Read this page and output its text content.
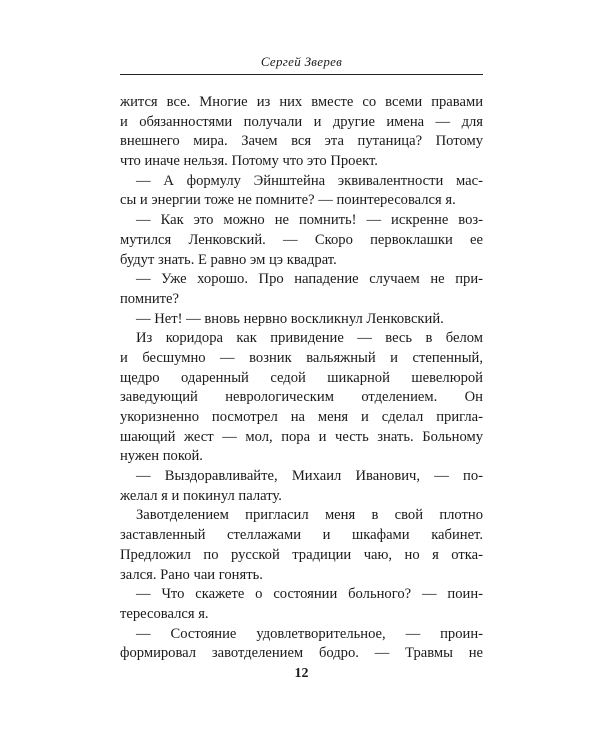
Сергей Зверев
жится все. Многие из них вместе со всеми правами
и обязанностями получали и другие имена — для
внешнего мира. Зачем вся эта путаница? Потому
что иначе нельзя. Потому что это Проект.
— А формулу Эйнштейна эквивалентности мас-
сы и энергии тоже не помните? — поинтересовался я.
— Как это можно не помнить! — искренне воз-
мутился Ленковский. — Скоро первоклашки ее
будут знать. Е равно эм цэ квадрат.
— Уже хорошо. Про нападение случаем не при-
помните?
— Нет! — вновь нервно воскликнул Ленковский.
Из коридора как привидение — весь в белом
и бесшумно — возник вальяжный и степенный,
щедро одаренный седой шикарной шевелюрой
заведующий неврологическим отделением. Он
укоризненно посмотрел на меня и сделал пригла-
шающий жест — мол, пора и честь знать. Больному
нужен покой.
— Выздоравливайте, Михаил Иванович, — по-
желал я и покинул палату.
Завотделением пригласил меня в свой плотно
заставленный стеллажами и шкафами кабинет.
Предложил по русской традиции чаю, но я отка-
зался. Рано чаи гонять.
— Что скажете о состоянии больного? — поин-
тересовался я.
— Состояние удовлетворительное, — проин-
формировал завотделением бодро. — Травмы не
12
